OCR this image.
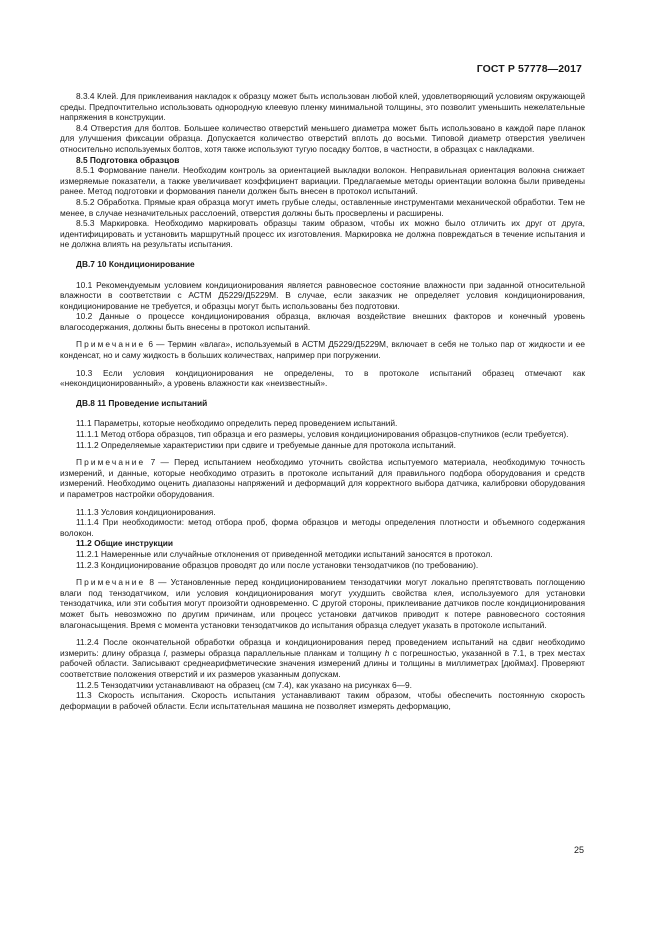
ГОСТ Р 57778—2017

8.3.4 Клей. Для приклеивания накладок к образцу может быть использован любой клей, удовлетворяющий условиям окружающей среды. Предпочтительно использовать однородную клеевую пленку минимальной толщины, это позволит уменьшить нежелательные напряжения в конструкции.

8.4 Отверстия для болтов. Большее количество отверстий меньшего диаметра может быть использовано в каждой паре планок для улучшения фиксации образца. Допускается количество отверстий вплоть до восьми. Типовой диаметр отверстия увеличен относительно используемых болтов, хотя также используют тугую посадку болтов, в частности, в образцах с накладками.

8.5 Подготовка образцов

8.5.1 Формование панели. Необходим контроль за ориентацией выкладки волокон. Неправильная ориентация волокна снижает измеряемые показатели, а также увеличивает коэффициент вариации. Предлагаемые методы ориентации волокна были приведены ранее. Метод подготовки и формования панели должен быть внесен в протокол испытаний.

8.5.2 Обработка. Прямые края образца могут иметь грубые следы, оставленные инструментами механической обработки. Тем не менее, в случае незначительных расслоений, отверстия должны быть просверлены и расширены.

8.5.3 Маркировка. Необходимо маркировать образцы таким образом, чтобы их можно было отличить их друг от друга, идентифицировать и установить маршрутный процесс их изготовления. Маркировка не должна повреждаться в течение испытания и не должна влиять на результаты испытания.

ДВ.7 10 Кондиционирование

10.1 Рекомендуемым условием кондиционирования является равновесное состояние влажности при заданной относительной влажности в соответствии с АСТМ Д5229/Д5229М. В случае, если заказчик не определяет условия кондиционирования, кондиционирование не требуется, и образцы могут быть использованы без подготовки.

10.2 Данные о процессе кондиционирования образца, включая воздействие внешних факторов и конечный уровень влагосодержания, должны быть внесены в протокол испытаний.

Примечание 6 — Термин «влага», используемый в АСТМ Д5229/Д5229М, включает в себя не только пар от жидкости и ее конденсат, но и саму жидкость в больших количествах, например при погружении.

10.3 Если условия кондиционирования не определены, то в протоколе испытаний образец отмечают как «некондиционированный», а уровень влажности как «неизвестный».

ДВ.8 11 Проведение испытаний

11.1 Параметры, которые необходимо определить перед проведением испытаний.

11.1.1 Метод отбора образцов, тип образца и его размеры, условия кондиционирования образцов-спутников (если требуется).

11.1.2 Определяемые характеристики при сдвиге и требуемые данные для протокола испытаний.

Примечание 7 — Перед испытанием необходимо уточнить свойства испытуемого материала, необходимую точность измерений, и данные, которые необходимо отразить в протоколе испытаний для правильного подбора оборудования и средств измерений. Необходимо оценить диапазоны напряжений и деформаций для корректного выбора датчика, калибровки оборудования и параметров настройки оборудования.

11.1.3 Условия кондиционирования.

11.1.4 При необходимости: метод отбора проб, форма образцов и методы определения плотности и объемного содержания волокон.

11.2 Общие инструкции

11.2.1 Намеренные или случайные отклонения от приведенной методики испытаний заносятся в протокол.

11.2.3 Кондиционирование образцов проводят до или после установки тензодатчиков (по требованию).

Примечание 8 — Установленные перед кондиционированием тензодатчики могут локально препятствовать поглощению влаги под тензодатчиком, или условия кондиционирования могут ухудшить свойства клея, используемого для установки тензодатчика, или эти события могут произойти одновременно. С другой стороны, приклеивание датчиков после кондиционирования может быть невозможно по другим причинам, или процесс установки датчиков приводит к потере равновесного состояния влагонасыщения. Время с момента установки тензодатчиков до испытания образца следует указать в протоколе испытаний.

11.2.4 После окончательной обработки образца и кондиционирования перед проведением испытаний на сдвиг необходимо измерить: длину образца l, размеры образца параллельные планкам и толщину h с погрешностью, указанной в 7.1, в трех местах рабочей области. Записывают среднеарифметические значения измерений длины и толщины в миллиметрах [дюймах]. Проверяют соответствие положения отверстий и их размеров указанным допускам.

11.2.5 Тензодатчики устанавливают на образец (см 7.4), как указано на рисунках 6—9.

11.3 Скорость испытания. Скорость испытания устанавливают таким образом, чтобы обеспечить постоянную скорость деформации в рабочей области. Если испытательная машина не позволяет измерять деформацию,

25
